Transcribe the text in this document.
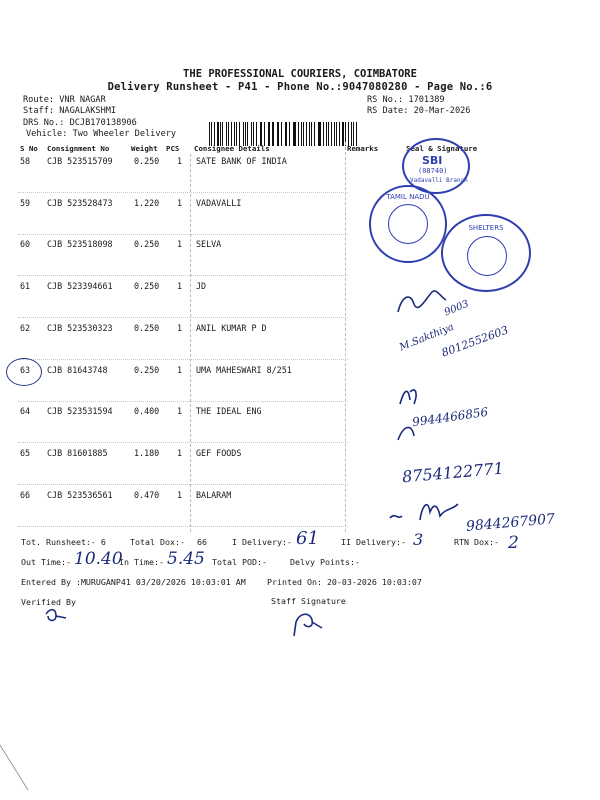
THE PROFESSIONAL COURIERS, COIMBATORE
Delivery Runsheet - P41 - Phone No.:9047080280 - Page No.:6
Route: VNR NAGAR
Staff: NAGALAKSHMI
DRS No.: DCJB170138906
Vehicle: Two Wheeler Delivery
RS No.: 1701389
RS Date: 20-Mar-2026
S No Consignment No	Weight PCS Consignee Details	Remarks	Seal & Signature
58 CJB 523515709	0.250 1 SATE BANK OF INDIA
59 CJB 523528473	1.220 1 VADAVALLI
60 CJB 523518098	0.250 1 SELVA
61 CJB 523394661	0.250 1 JD
62 CJB 523530323	0.250 1 ANIL KUMAR P D
63 CJB 81643748	0.250 1 UMA MAHESWARI 8/251
64 CJB 523531594	0.400 1 THE IDEAL ENG
65 CJB 81601885	1.180 1 GEF FOODS
66 CJB 523536561	0.470 1 BALARAM
Tot. Runsheet:- 6	Total Dox:- 66	I Delivery:- 61	II Delivery:- 3	RTN Dox:- 2
Out Time:- 10.40
In Time:- 5.45 Total POD:-	Delvy Points:-
Entered By :MURUGANP41 03/20/2026 10:03:01 AM	Printed On: 20-03-2026 10:03:07
Verified By	Staff Signature
SBI
(08740)
Vadavalli Branch
TAMIL NADU
SHELTERS
9003
M.Sakthiya
8012552603
9944466856
8754122771
9844267907
